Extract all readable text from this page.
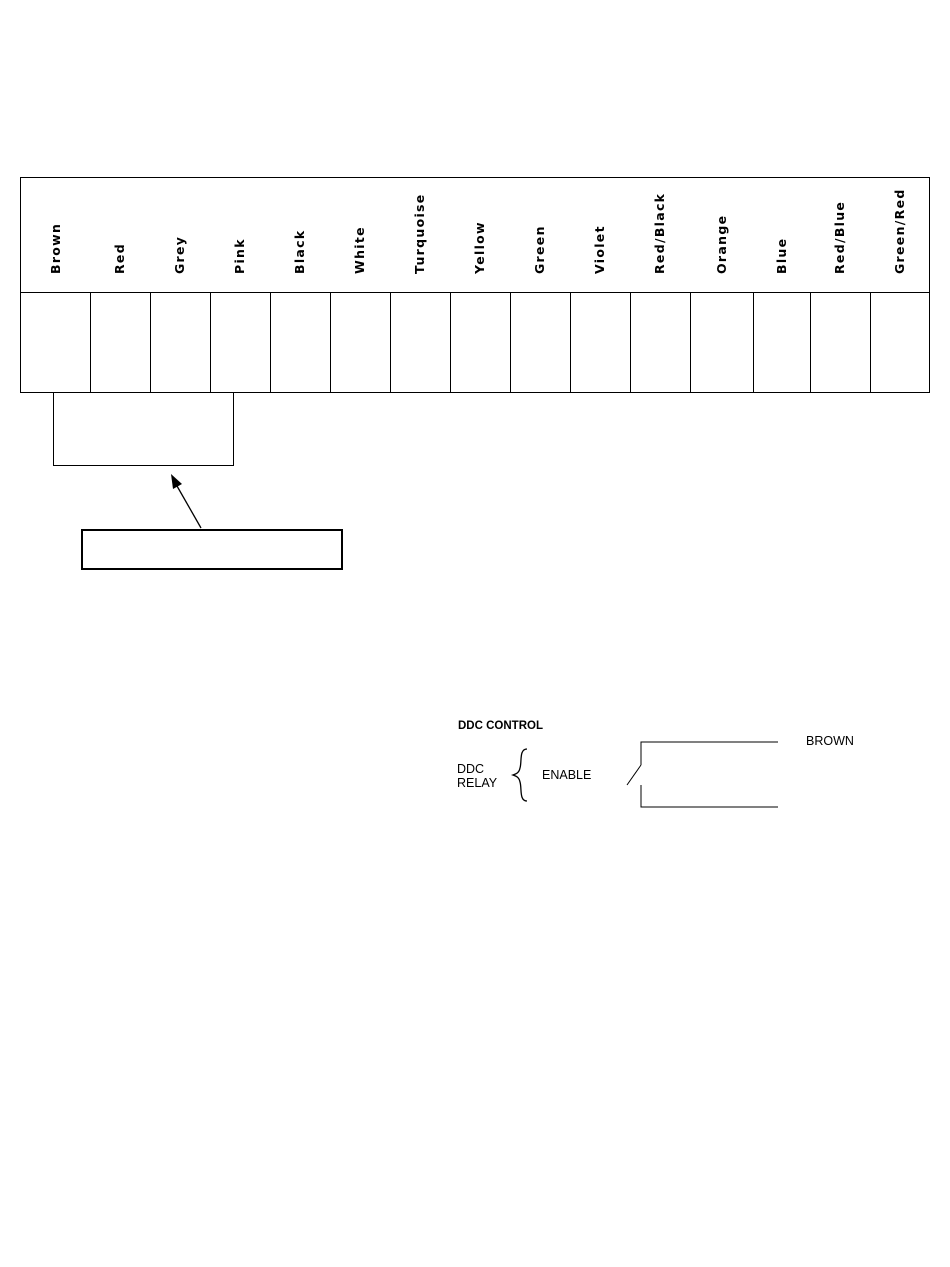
Brown	Red	Grey	Pink	Black	White	Turquoise	Yellow	Green	Violet	Red/Black	Orange	Blue	Red/Blue	Green/Red
DDC CONTROL
DDC
RELAY
ENABLE
BROWN
